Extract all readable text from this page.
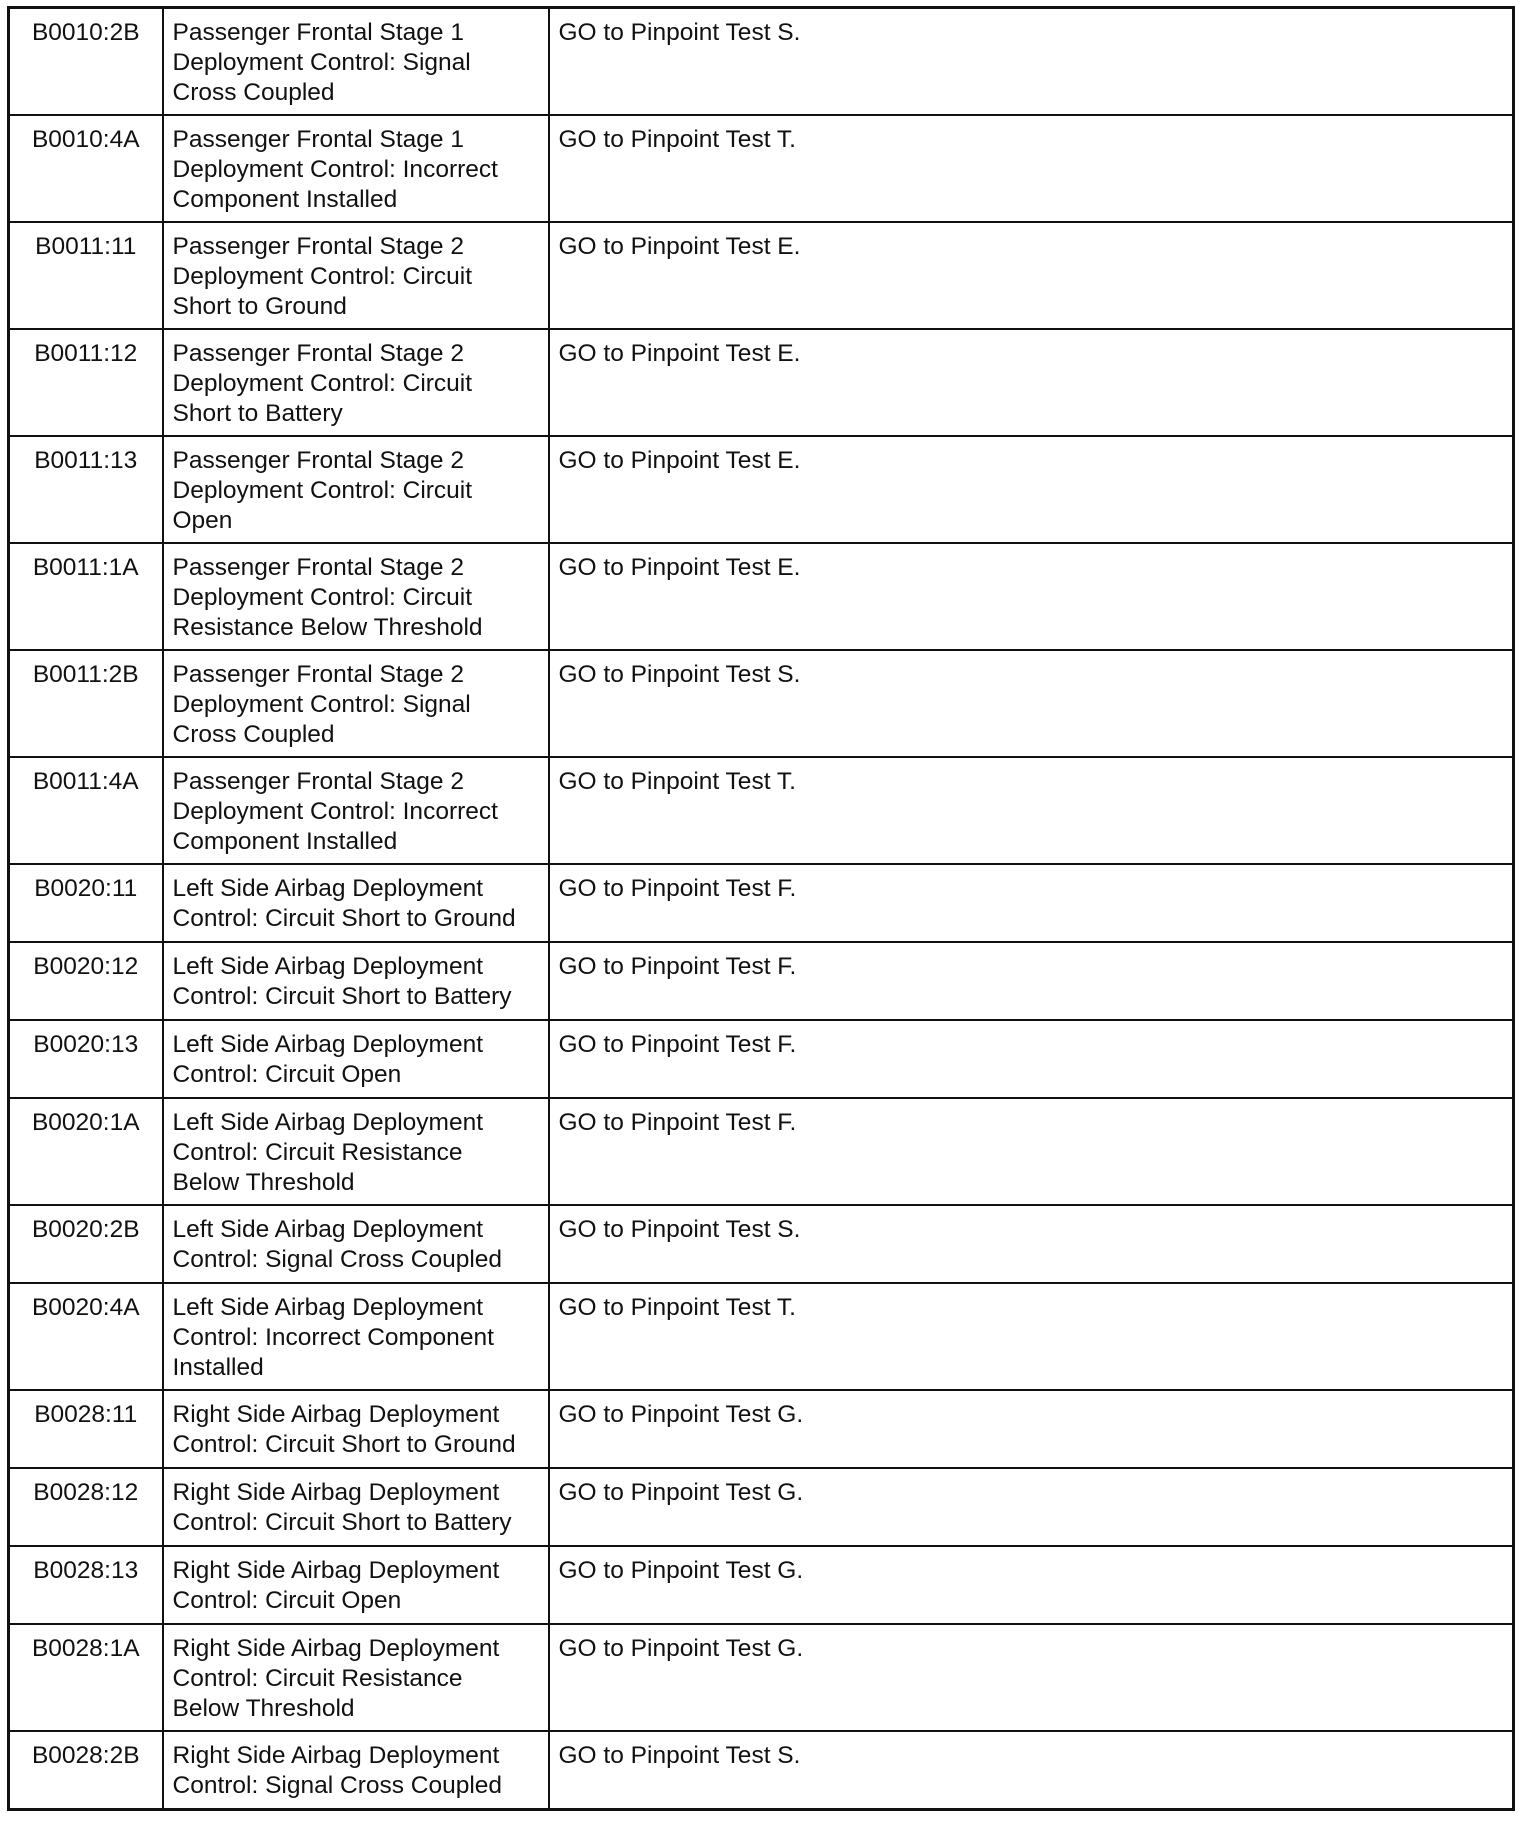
B0010:2B	Passenger Frontal Stage 1
Deployment Control: Signal
Cross Coupled	GO to Pinpoint Test S.
B0010:4A	Passenger Frontal Stage 1
Deployment Control: Incorrect
Component Installed	GO to Pinpoint Test T.
B0011:11	Passenger Frontal Stage 2
Deployment Control: Circuit
Short to Ground	GO to Pinpoint Test E.
B0011:12	Passenger Frontal Stage 2
Deployment Control: Circuit
Short to Battery	GO to Pinpoint Test E.
B0011:13	Passenger Frontal Stage 2
Deployment Control: Circuit
Open	GO to Pinpoint Test E.
B0011:1A	Passenger Frontal Stage 2
Deployment Control: Circuit
Resistance Below Threshold	GO to Pinpoint Test E.
B0011:2B	Passenger Frontal Stage 2
Deployment Control: Signal
Cross Coupled	GO to Pinpoint Test S.
B0011:4A	Passenger Frontal Stage 2
Deployment Control: Incorrect
Component Installed	GO to Pinpoint Test T.
B0020:11	Left Side Airbag Deployment
Control: Circuit Short to Ground	GO to Pinpoint Test F.
B0020:12	Left Side Airbag Deployment
Control: Circuit Short to Battery	GO to Pinpoint Test F.
B0020:13	Left Side Airbag Deployment
Control: Circuit Open	GO to Pinpoint Test F.
B0020:1A	Left Side Airbag Deployment
Control: Circuit Resistance
Below Threshold	GO to Pinpoint Test F.
B0020:2B	Left Side Airbag Deployment
Control: Signal Cross Coupled	GO to Pinpoint Test S.
B0020:4A	Left Side Airbag Deployment
Control: Incorrect Component
Installed	GO to Pinpoint Test T.
B0028:11	Right Side Airbag Deployment
Control: Circuit Short to Ground	GO to Pinpoint Test G.
B0028:12	Right Side Airbag Deployment
Control: Circuit Short to Battery	GO to Pinpoint Test G.
B0028:13	Right Side Airbag Deployment
Control: Circuit Open	GO to Pinpoint Test G.
B0028:1A	Right Side Airbag Deployment
Control: Circuit Resistance
Below Threshold	GO to Pinpoint Test G.
B0028:2B	Right Side Airbag Deployment
Control: Signal Cross Coupled	GO to Pinpoint Test S.
